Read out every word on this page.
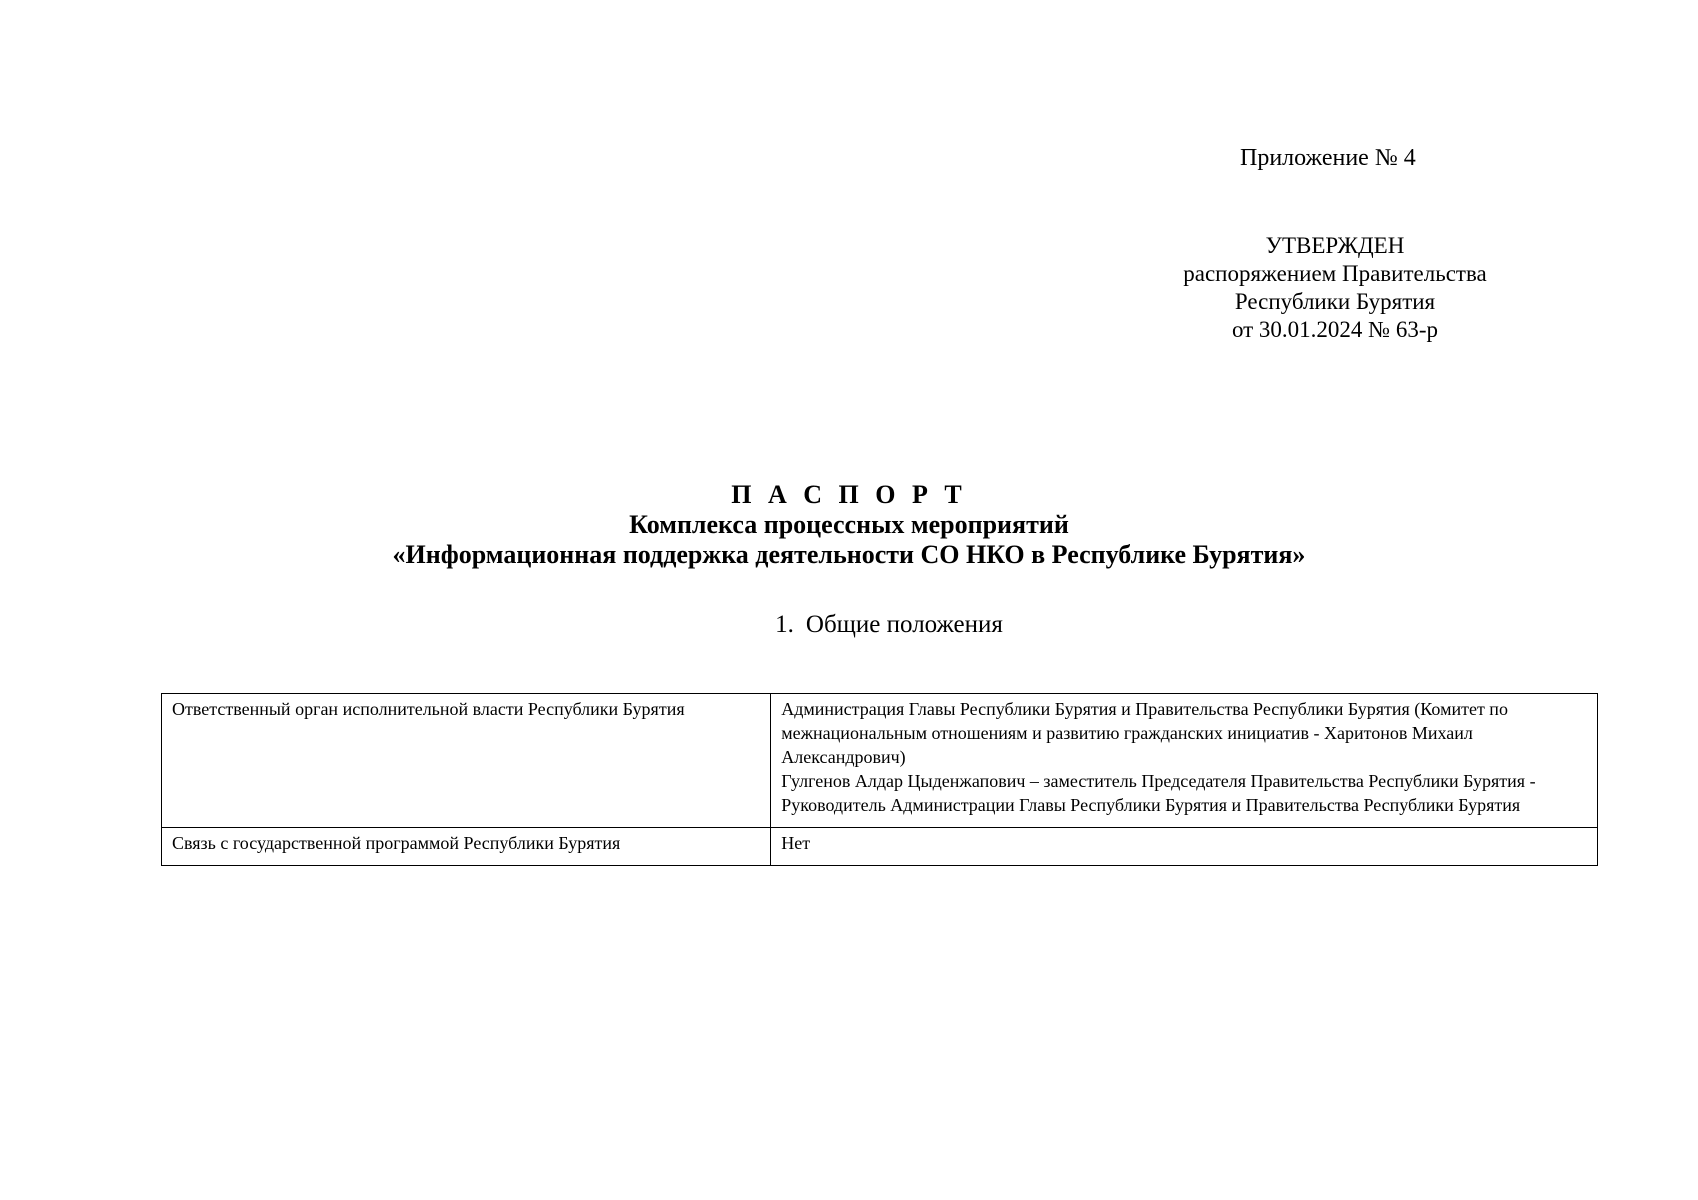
Приложение № 4
УТВЕРЖДЕН
распоряжением Правительства
Республики Бурятия
от 30.01.2024 № 63-р
П А С П О Р Т
Комплекса процессных мероприятий
«Информационная поддержка деятельности СО НКО в Республике Бурятия»
1. Общие положения
Ответственный орган исполнительной власти Республики Бурятия	Администрация Главы Республики Бурятия и Правительства Республики Бурятия (Комитет по межнациональным отношениям и развитию гражданских инициатив - Харитонов Михаил Александрович)
Гулгенов Алдар Цыденжапович – заместитель Председателя Правительства Республики Бурятия - Руководитель Администрации Главы Республики Бурятия и Правительства Республики Бурятия

Связь с государственной программой Республики Бурятия	Нет
